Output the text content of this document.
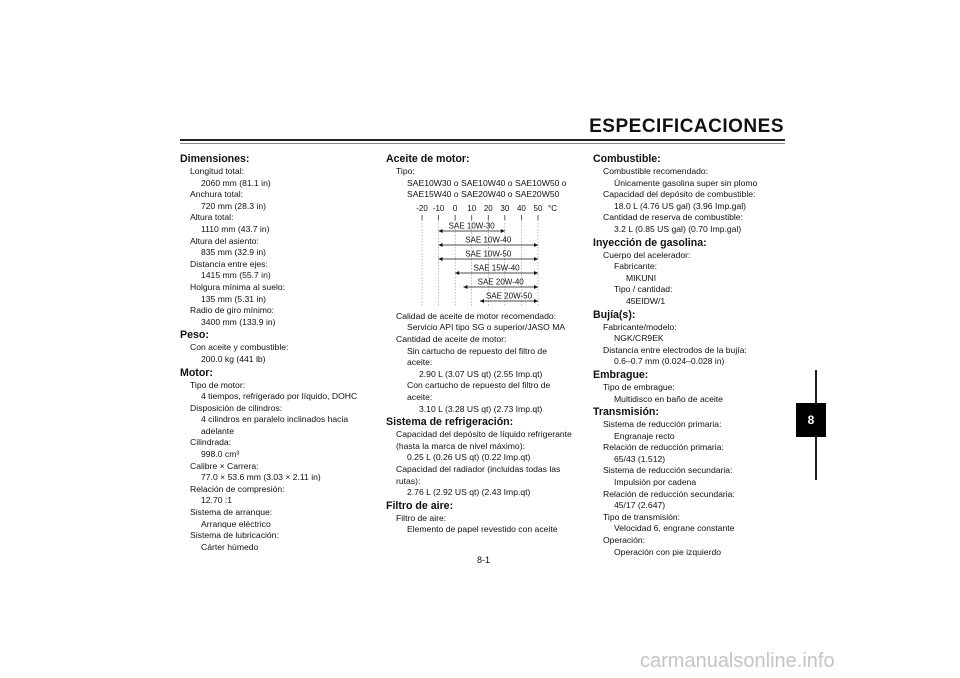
ESPECIFICACIONES
Dimensiones:
Longitud total:
2060 mm (81.1 in)
Anchura total:
720 mm (28.3 in)
Altura total:
1110 mm (43.7 in)
Altura del asiento:
835 mm (32.9 in)
Distancia entre ejes:
1415 mm (55.7 in)
Holgura mínima al suelo:
135 mm (5.31 in)
Radio de giro mínimo:
3400 mm (133.9 in)
Peso:
Con aceite y combustible:
200.0 kg (441 lb)
Motor:
Tipo de motor:
4 tiempos, refrigerado por líquido, DOHC
Disposición de cilindros:
4 cilindros en paralelo inclinados hacia
adelante
Cilindrada:
998.0 cm³
Calibre × Carrera:
77.0 × 53.6 mm (3.03 × 2.11 in)
Relación de compresión:
12.70 :1
Sistema de arranque:
Arranque eléctrico
Sistema de lubricación:
Cárter húmedo
Aceite de motor:
Tipo:
SAE10W30 o SAE10W40 o SAE10W50 o
SAE15W40 o SAE20W40 o SAE20W50
-20 -10 0 10 20 30 40 50 °C
SAE 10W-30
SAE 10W-40
SAE 10W-50
SAE 15W-40
SAE 20W-40
SAE 20W-50
Calidad de aceite de motor recomendado:
Servicio API tipo SG o superior/JASO MA
Cantidad de aceite de motor:
Sin cartucho de repuesto del filtro de
aceite:
2.90 L (3.07 US qt) (2.55 Imp.qt)
Con cartucho de repuesto del filtro de
aceite:
3.10 L (3.28 US qt) (2.73 Imp.qt)
Sistema de refrigeración:
Capacidad del depósito de líquido refrigerante
(hasta la marca de nivel máximo):
0.25 L (0.26 US qt) (0.22 Imp.qt)
Capacidad del radiador (incluidas todas las
rutas):
2.76 L (2.92 US qt) (2.43 Imp.qt)
Filtro de aire:
Filtro de aire:
Elemento de papel revestido con aceite
Combustible:
Combustible recomendado:
Únicamente gasolina super sin plomo
Capacidad del depósito de combustible:
18.0 L (4.76 US gal) (3.96 Imp.gal)
Cantidad de reserva de combustible:
3.2 L (0.85 US gal) (0.70 Imp.gal)
Inyección de gasolina:
Cuerpo del acelerador:
Fabricante:
MIKUNI
Tipo / cantidad:
45EIDW/1
Bujía(s):
Fabricante/modelo:
NGK/CR9EK
Distancia entre electrodos de la bujía:
0.6–0.7 mm (0.024–0.028 in)
Embrague:
Tipo de embrague:
Multidisco en baño de aceite
Transmisión:
Sistema de reducción primaria:
Engranaje recto
Relación de reducción primaria:
65/43 (1.512)
Sistema de reducción secundaria:
Impulsión por cadena
Relación de reducción secundaria:
45/17 (2.647)
Tipo de transmisión:
Velocidad 6, engrane constante
Operación:
Operación con pie izquierdo
8
8-1
carmanualsonline.info
